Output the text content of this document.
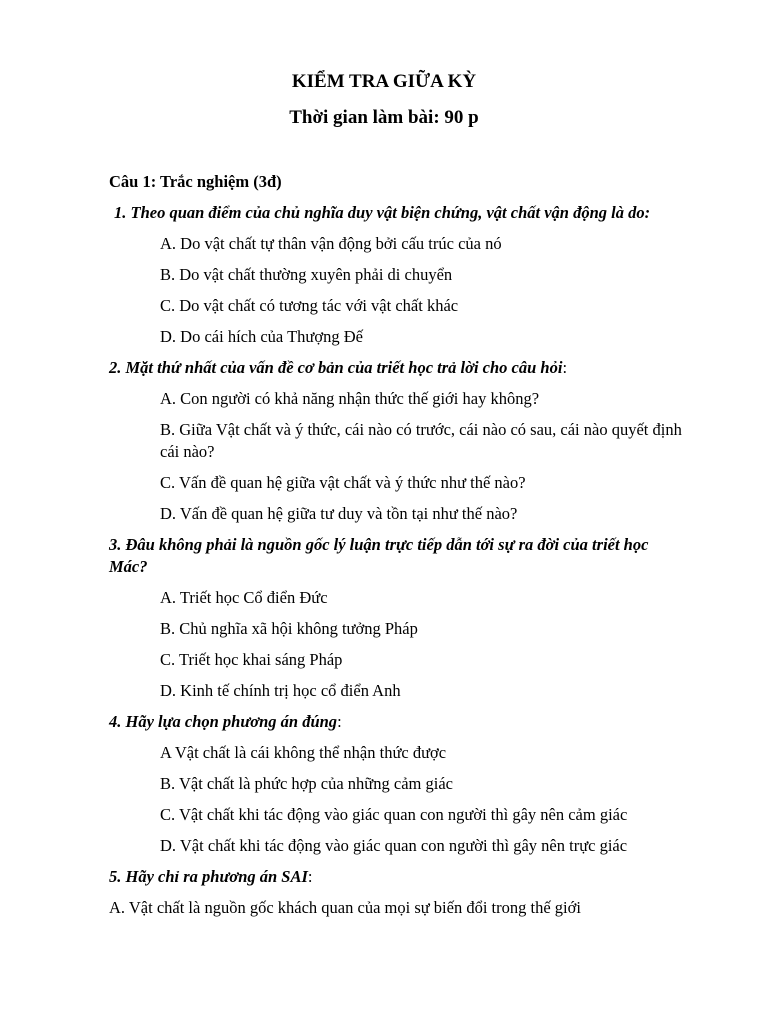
KIỂM TRA GIỮA KỲ
Thời gian làm bài: 90 p

Câu 1: Trắc nghiệm (3đ)

1. Theo quan điểm của chủ nghĩa duy vật biện chứng, vật chất vận động là do:

A. Do vật chất tự thân vận động bởi cấu trúc của nó

B. Do vật chất thường xuyên phải di chuyển

C. Do vật chất có tương tác với vật chất khác

D. Do cái hích của Thượng Đế

2. Mặt thứ nhất của vấn đề cơ bản của triết học trả lời cho câu hỏi:

A. Con người có khả năng nhận thức thế giới hay không?

B. Giữa Vật chất và ý thức, cái nào có trước, cái nào có sau, cái nào quyết định cái nào?

C. Vấn đề quan hệ giữa vật chất và ý thức như thế nào?

D. Vấn đề quan hệ giữa tư duy và tồn tại như thế nào?

3. Đâu không phải là nguồn gốc lý luận trực tiếp dẫn tới sự ra đời của triết học Mác?

A. Triết học Cổ điển Đức

B. Chủ nghĩa xã hội không tưởng Pháp

C. Triết học khai sáng Pháp

D. Kinh tế chính trị học cổ điển Anh

4. Hãy lựa chọn phương án đúng:

A Vật chất là cái không thể nhận thức được

B. Vật chất là phức hợp của những cảm giác

C. Vật chất khi tác động vào giác quan con người thì gây nên cảm giác

D. Vật chất khi tác động vào giác quan con người thì gây nên trực giác

5. Hãy chỉ ra phương án SAI:

A. Vật chất là nguồn gốc khách quan của mọi sự biến đổi trong thế giới
